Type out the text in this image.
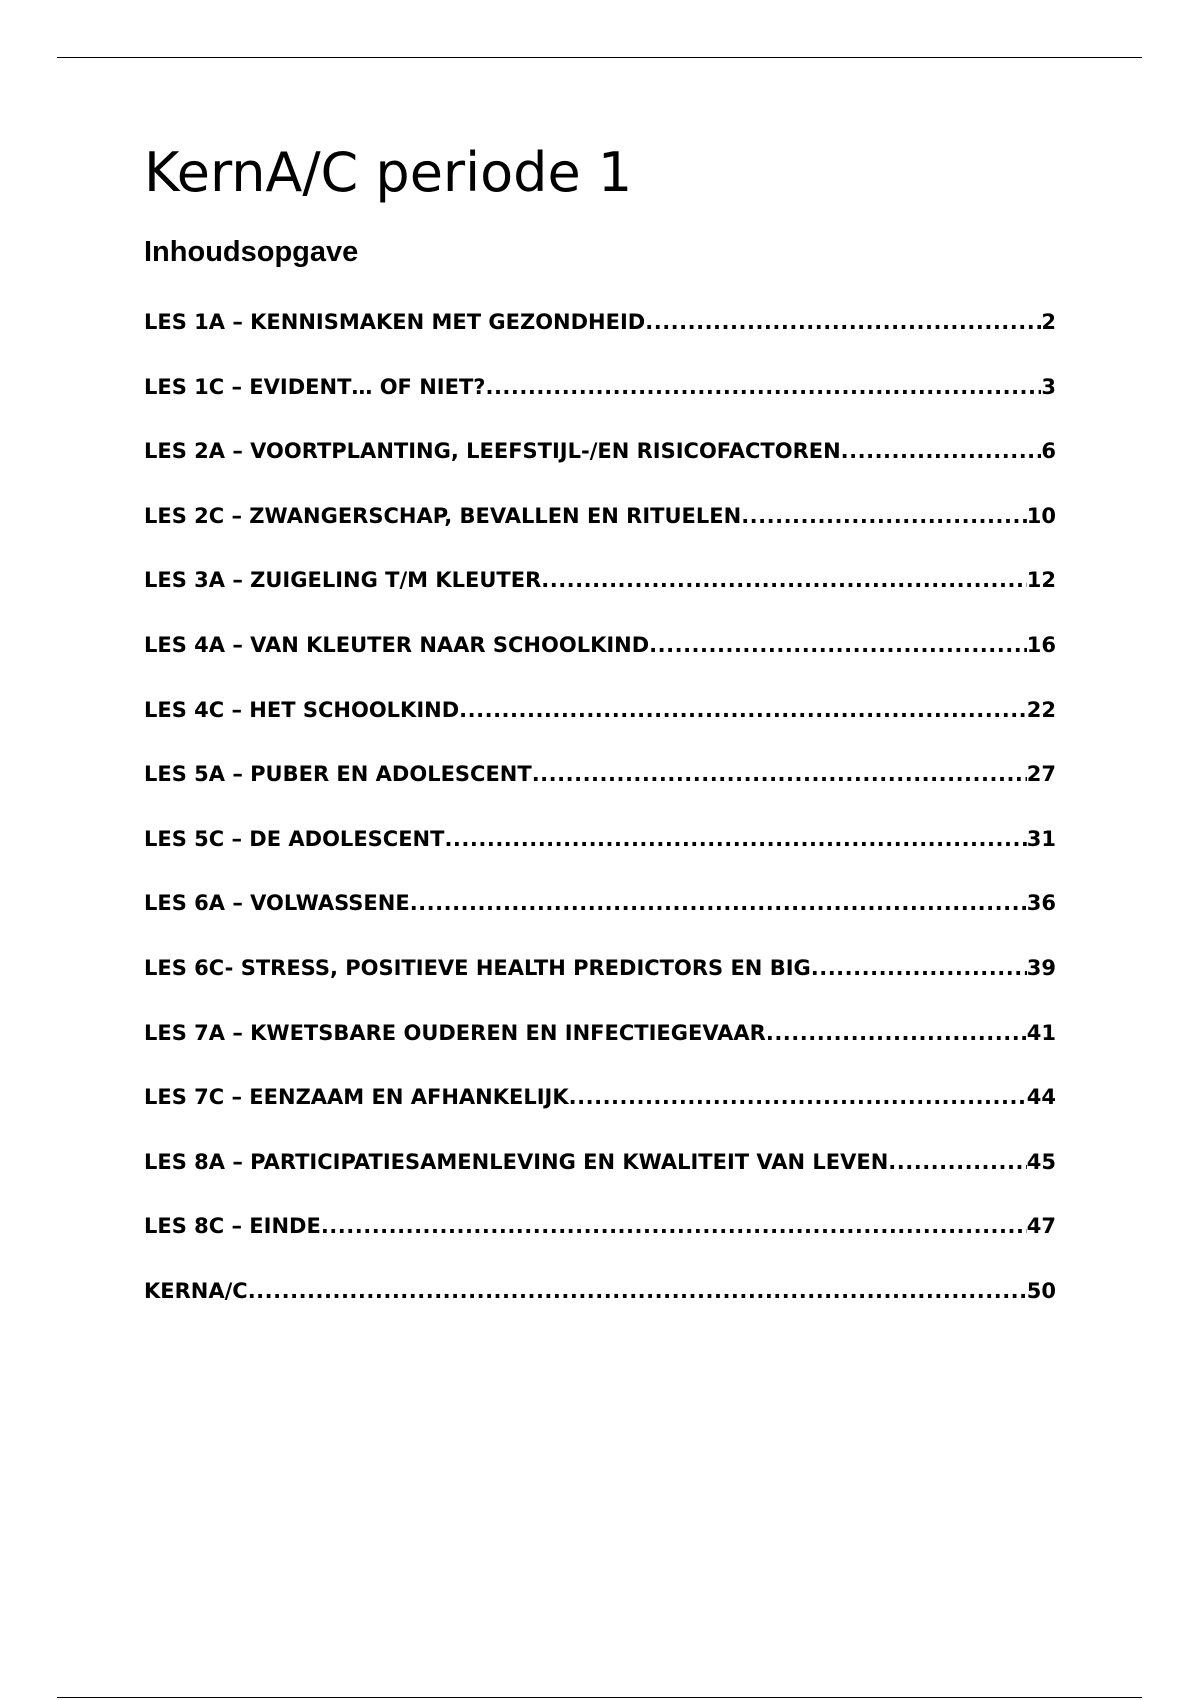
KernA/C periode 1
Inhoudsopgave
LES 1A – KENNISMAKEN MET GEZONDHEID .....	2
LES 1C – EVIDENT… OF NIET? .....	3
LES 2A – VOORTPLANTING, LEEFSTIJL-/EN RISICOFACTOREN .....	6
LES 2C – ZWANGERSCHAP, BEVALLEN EN RITUELEN .....	10
LES 3A – ZUIGELING T/M KLEUTER .....	12
LES 4A – VAN KLEUTER NAAR SCHOOLKIND .....	16
LES 4C – HET SCHOOLKIND .....	22
LES 5A – PUBER EN ADOLESCENT .....	27
LES 5C – DE ADOLESCENT .....	31
LES 6A – VOLWASSENE .....	36
LES 6C- STRESS, POSITIEVE HEALTH PREDICTORS EN BIG .....	39
LES 7A – KWETSBARE OUDEREN EN INFECTIEGEVAAR .....	41
LES 7C – EENZAAM EN AFHANKELIJK .....	44
LES 8A – PARTICIPATIESAMENLEVING EN KWALITEIT VAN LEVEN .....	45
LES 8C – EINDE .....	47
KERNA/C .....	50
